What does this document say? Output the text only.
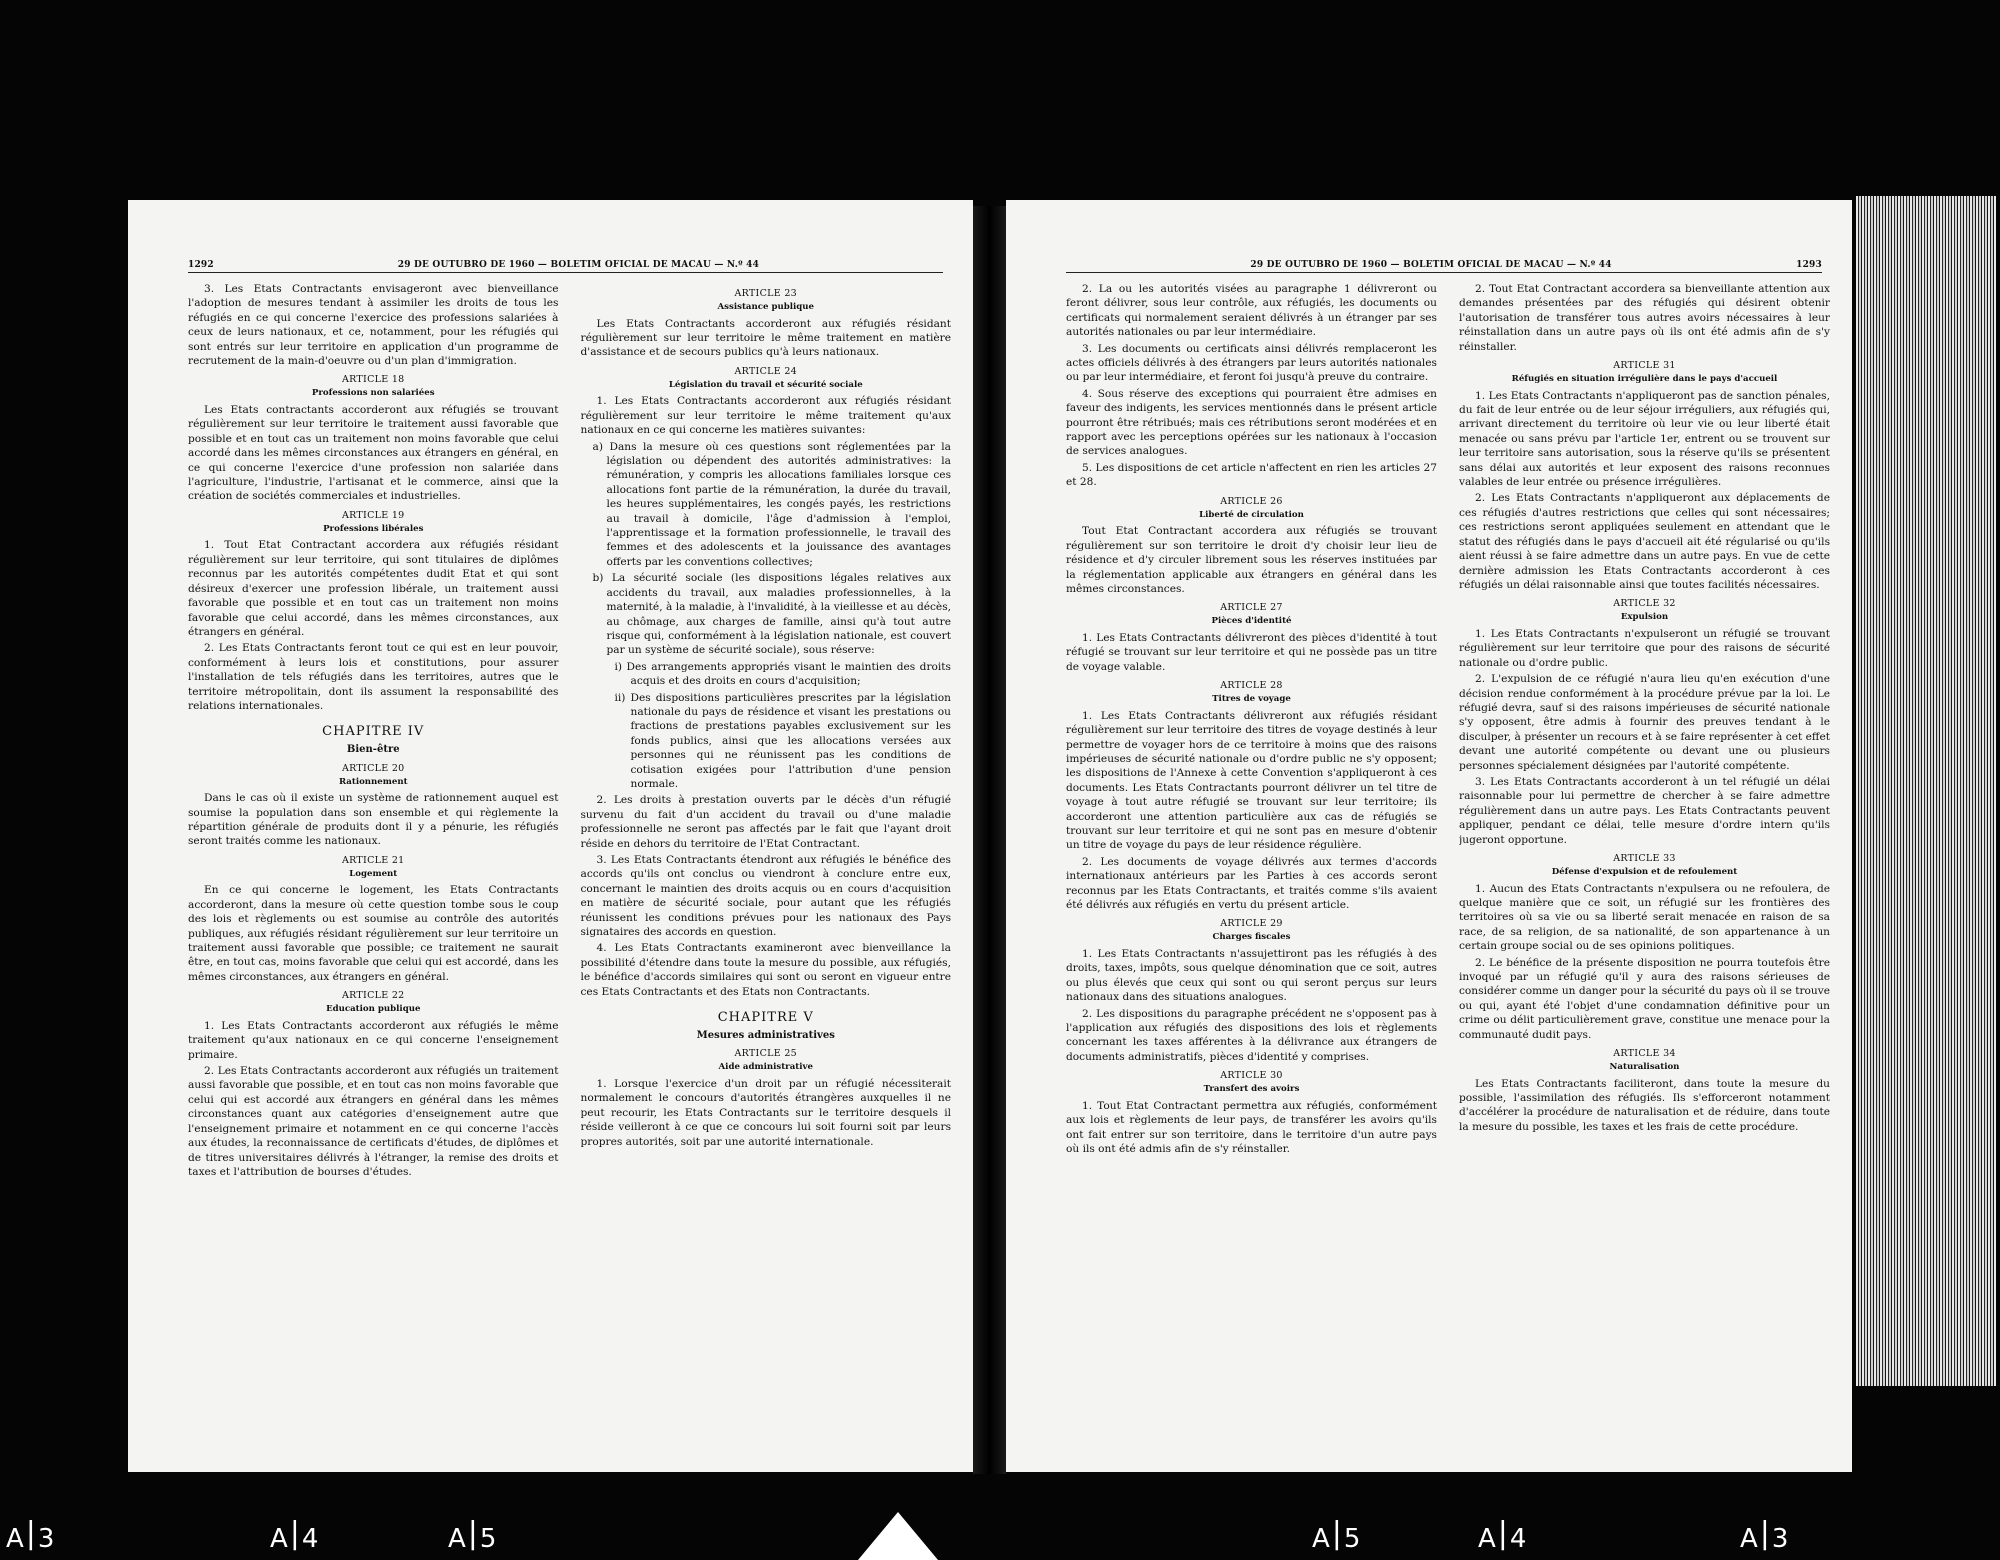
1292	29 DE OUTUBRO DE 1960 — BOLETIM OFICIAL DE MACAU — N.º 44

3. Les Etats Contractants envisageront avec bienveillance l'adoption de mesures tendant à assimiler les droits de tous les réfugiés en ce qui concerne l'exercice des professions salariées à ceux de leurs nationaux, et ce, notamment, pour les réfugiés qui sont entrés sur leur territoire en application d'un programme de recrutement de la main-d'oeuvre ou d'un plan d'immigration.

ARTICLE 18
Professions non salariées

Les Etats contractants accorderont aux réfugiés se trouvant régulièrement sur leur territoire le traitement aussi favorable que possible et en tout cas un traitement non moins favorable que celui accordé dans les mêmes circonstances aux étrangers en général, en ce qui concerne l'exercice d'une profession non salariée dans l'agriculture, l'industrie, l'artisanat et le commerce, ainsi que la création de sociétés commerciales et industrielles.

ARTICLE 19
Professions libérales

1. Tout Etat Contractant accordera aux réfugiés résidant régulièrement sur leur territoire, qui sont titulaires de diplômes reconnus par les autorités compétentes dudit Etat et qui sont désireux d'exercer une profession libérale, un traitement aussi favorable que possible et en tout cas un traitement non moins favorable que celui accordé, dans les mêmes circonstances, aux étrangers en général.

2. Les Etats Contractants feront tout ce qui est en leur pouvoir, conformément à leurs lois et constitutions, pour assurer l'installation de tels réfugiés dans les territoires, autres que le territoire métropolitain, dont ils assument la responsabilité des relations internationales.

CHAPITRE IV
Bien-être
ARTICLE 20
Rationnement

Dans le cas où il existe un système de rationnement auquel est soumise la population dans son ensemble et qui règlemente la répartition générale de produits dont il y a pénurie, les réfugiés seront traités comme les nationaux.

ARTICLE 21
Logement

En ce qui concerne le logement, les Etats Contractants accorderont, dans la mesure où cette question tombe sous le coup des lois et règlements ou est soumise au contrôle des autorités publiques, aux réfugiés résidant régulièrement sur leur territoire un traitement aussi favorable que possible; ce traitement ne saurait être, en tout cas, moins favorable que celui qui est accordé, dans les mêmes circonstances, aux étrangers en général.

ARTICLE 22
Education publique

1. Les Etats Contractants accorderont aux réfugiés le même traitement qu'aux nationaux en ce qui concerne l'enseignement primaire.

2. Les Etats Contractants accorderont aux réfugiés un traitement aussi favorable que possible, et en tout cas non moins favorable que celui qui est accordé aux étrangers en général dans les mêmes circonstances quant aux catégories d'enseignement autre que l'enseignement primaire et notamment en ce qui concerne l'accès aux études, la reconnaissance de certificats d'études, de diplômes et de titres universitaires délivrés à l'étranger, la remise des droits et taxes et l'attribution de bourses d'études.

ARTICLE 23
Assistance publique

Les Etats Contractants accorderont aux réfugiés résidant régulièrement sur leur territoire le même traitement en matière d'assistance et de secours publics qu'à leurs nationaux.

ARTICLE 24
Législation du travail et sécurité sociale

1. Les Etats Contractants accorderont aux réfugiés résidant régulièrement sur leur territoire le même traitement qu'aux nationaux en ce qui concerne les matières suivantes:

a) Dans la mesure où ces questions sont réglementées par la législation ou dépendent des autorités administratives: la rémunération, y compris les allocations familiales lorsque ces allocations font partie de la rémunération, la durée du travail, les heures supplémentaires, les congés payés, les restrictions au travail à domicile, l'âge d'admission à l'emploi, l'apprentissage et la formation professionnelle, le travail des femmes et des adolescents et la jouissance des avantages offerts par les conventions collectives;

b) La sécurité sociale (les dispositions légales relatives aux accidents du travail, aux maladies professionnelles, à la maternité, à la maladie, à l'invalidité, à la vieillesse et au décès, au chômage, aux charges de famille, ainsi qu'à tout autre risque qui, conformément à la législation nationale, est couvert par un système de sécurité sociale), sous réserve:

i) Des arrangements appropriés visant le maintien des droits acquis et des droits en cours d'acquisition;

ii) Des dispositions particulières prescrites par la législation nationale du pays de résidence et visant les prestations ou fractions de prestations payables exclusivement sur les fonds publics, ainsi que les allocations versées aux personnes qui ne réunissent pas les conditions de cotisation exigées pour l'attribution d'une pension normale.

2. Les droits à prestation ouverts par le décès d'un réfugié survenu du fait d'un accident du travail ou d'une maladie professionnelle ne seront pas affectés par le fait que l'ayant droit réside en dehors du territoire de l'Etat Contractant.

3. Les Etats Contractants étendront aux réfugiés le bénéfice des accords qu'ils ont conclus ou viendront à conclure entre eux, concernant le maintien des droits acquis ou en cours d'acquisition en matière de sécurité sociale, pour autant que les réfugiés réunissent les conditions prévues pour les nationaux des Pays signataires des accords en question.

4. Les Etats Contractants examineront avec bienveillance la possibilité d'étendre dans toute la mesure du possible, aux réfugiés, le bénéfice d'accords similaires qui sont ou seront en vigueur entre ces Etats Contractants et des Etats non Contractants.

CHAPITRE V
Mesures administratives
ARTICLE 25
Aide administrative

1. Lorsque l'exercice d'un droit par un réfugié nécessiterait normalement le concours d'autorités étrangères auxquelles il ne peut recourir, les Etats Contractants sur le territoire desquels il réside veilleront à ce que ce concours lui soit fourni soit par leurs propres autorités, soit par une autorité internationale.

29 DE OUTUBRO DE 1960 — BOLETIM OFICIAL DE MACAU — N.º 44	1293

2. La ou les autorités visées au paragraphe 1 délivreront ou feront délivrer, sous leur contrôle, aux réfugiés, les documents ou certificats qui normalement seraient délivrés à un étranger par ses autorités nationales ou par leur intermédiaire.

3. Les documents ou certificats ainsi délivrés remplaceront les actes officiels délivrés à des étrangers par leurs autorités nationales ou par leur intermédiaire, et feront foi jusqu'à preuve du contraire.

4. Sous réserve des exceptions qui pourraient être admises en faveur des indigents, les services mentionnés dans le présent article pourront être rétribués; mais ces rétributions seront modérées et en rapport avec les perceptions opérées sur les nationaux à l'occasion de services analogues.

5. Les dispositions de cet article n'affectent en rien les articles 27 et 28.

ARTICLE 26
Liberté de circulation

Tout Etat Contractant accordera aux réfugiés se trouvant régulièrement sur son territoire le droit d'y choisir leur lieu de résidence et d'y circuler librement sous les réserves instituées par la réglementation applicable aux étrangers en général dans les mêmes circonstances.

ARTICLE 27
Pièces d'identité

1. Les Etats Contractants délivreront des pièces d'identité à tout réfugié se trouvant sur leur territoire et qui ne possède pas un titre de voyage valable.

ARTICLE 28
Titres de voyage

1. Les Etats Contractants délivreront aux réfugiés résidant régulièrement sur leur territoire des titres de voyage destinés à leur permettre de voyager hors de ce territoire à moins que des raisons impérieuses de sécurité nationale ou d'ordre public ne s'y opposent; les dispositions de l'Annexe à cette Convention s'appliqueront à ces documents. Les Etats Contractants pourront délivrer un tel titre de voyage à tout autre réfugié se trouvant sur leur territoire; ils accorderont une attention particulière aux cas de réfugiés se trouvant sur leur territoire et qui ne sont pas en mesure d'obtenir un titre de voyage du pays de leur résidence régulière.

2. Les documents de voyage délivrés aux termes d'accords internationaux antérieurs par les Parties à ces accords seront reconnus par les Etats Contractants, et traités comme s'ils avaient été délivrés aux réfugiés en vertu du présent article.

ARTICLE 29
Charges fiscales

1. Les Etats Contractants n'assujettiront pas les réfugiés à des droits, taxes, impôts, sous quelque dénomination que ce soit, autres ou plus élevés que ceux qui sont ou qui seront perçus sur leurs nationaux dans des situations analogues.

2. Les dispositions du paragraphe précédent ne s'opposent pas à l'application aux réfugiés des dispositions des lois et règlements concernant les taxes afférentes à la délivrance aux étrangers de documents administratifs, pièces d'identité y comprises.

ARTICLE 30
Transfert des avoirs

1. Tout Etat Contractant permettra aux réfugiés, conformément aux lois et règlements de leur pays, de transférer les avoirs qu'ils ont fait entrer sur son territoire, dans le territoire d'un autre pays où ils ont été admis afin de s'y réinstaller.

2. Tout Etat Contractant accordera sa bienveillante attention aux demandes présentées par des réfugiés qui désirent obtenir l'autorisation de transférer tous autres avoirs nécessaires à leur réinstallation dans un autre pays où ils ont été admis afin de s'y réinstaller.

ARTICLE 31
Réfugiés en situation irrégulière dans le pays d'accueil

1. Les Etats Contractants n'appliqueront pas de sanction pénales, du fait de leur entrée ou de leur séjour irréguliers, aux réfugiés qui, arrivant directement du territoire où leur vie ou leur liberté était menacée ou sans prévu par l'article 1er, entrent ou se trouvent sur leur territoire sans autorisation, sous la réserve qu'ils se présentent sans délai aux autorités et leur exposent des raisons reconnues valables de leur entrée ou présence irrégulières.

2. Les Etats Contractants n'appliqueront aux déplacements de ces réfugiés d'autres restrictions que celles qui sont nécessaires; ces restrictions seront appliquées seulement en attendant que le statut des réfugiés dans le pays d'accueil ait été régularisé ou qu'ils aient réussi à se faire admettre dans un autre pays. En vue de cette dernière admission les Etats Contractants accorderont à ces réfugiés un délai raisonnable ainsi que toutes facilités nécessaires.

ARTICLE 32
Expulsion

1. Les Etats Contractants n'expulseront un réfugié se trouvant régulièrement sur leur territoire que pour des raisons de sécurité nationale ou d'ordre public.

2. L'expulsion de ce réfugié n'aura lieu qu'en exécution d'une décision rendue conformément à la procédure prévue par la loi. Le réfugié devra, sauf si des raisons impérieuses de sécurité nationale s'y opposent, être admis à fournir des preuves tendant à le disculper, à présenter un recours et à se faire représenter à cet effet devant une autorité compétente ou devant une ou plusieurs personnes spécialement désignées par l'autorité compétente.

3. Les Etats Contractants accorderont à un tel réfugié un délai raisonnable pour lui permettre de chercher à se faire admettre régulièrement dans un autre pays. Les Etats Contractants peuvent appliquer, pendant ce délai, telle mesure d'ordre intern qu'ils jugeront opportune.

ARTICLE 33
Défense d'expulsion et de refoulement

1. Aucun des Etats Contractants n'expulsera ou ne refoulera, de quelque manière que ce soit, un réfugié sur les frontières des territoires où sa vie ou sa liberté serait menacée en raison de sa race, de sa religion, de sa nationalité, de son appartenance à un certain groupe social ou de ses opinions politiques.

2. Le bénéfice de la présente disposition ne pourra toutefois être invoqué par un réfugié qu'il y aura des raisons sérieuses de considérer comme un danger pour la sécurité du pays où il se trouve ou qui, ayant été l'objet d'une condamnation définitive pour un crime ou délit particulièrement grave, constitue une menace pour la communauté dudit pays.

ARTICLE 34
Naturalisation

Les Etats Contractants faciliteront, dans toute la mesure du possible, l'assimilation des réfugiés. Ils s'efforceront notamment d'accélérer la procédure de naturalisation et de réduire, dans toute la mesure du possible, les taxes et les frais de cette procédure.

A|3	A|4	A|5	A|5	A|4	A|3
